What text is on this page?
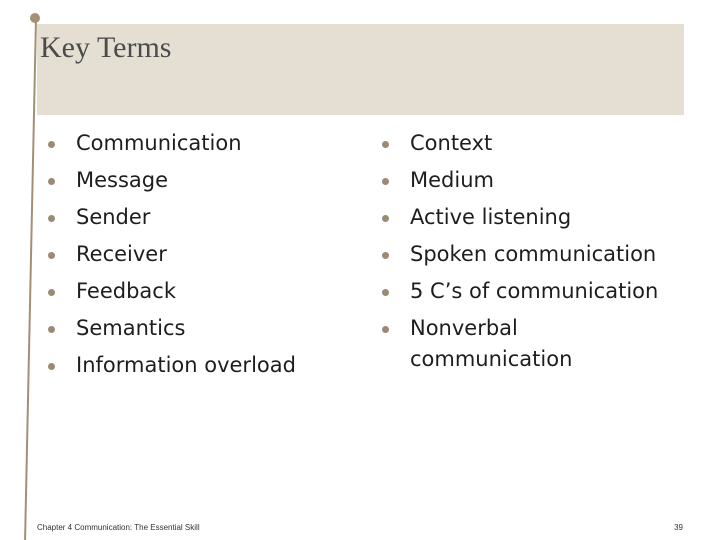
Key Terms
Communication
Message
Sender
Receiver
Feedback
Semantics
Information overload
Context
Medium
Active listening
Spoken communication
5 C’s of communication
Nonverbal communication
Chapter 4 Communication: The Essential Skill	39
